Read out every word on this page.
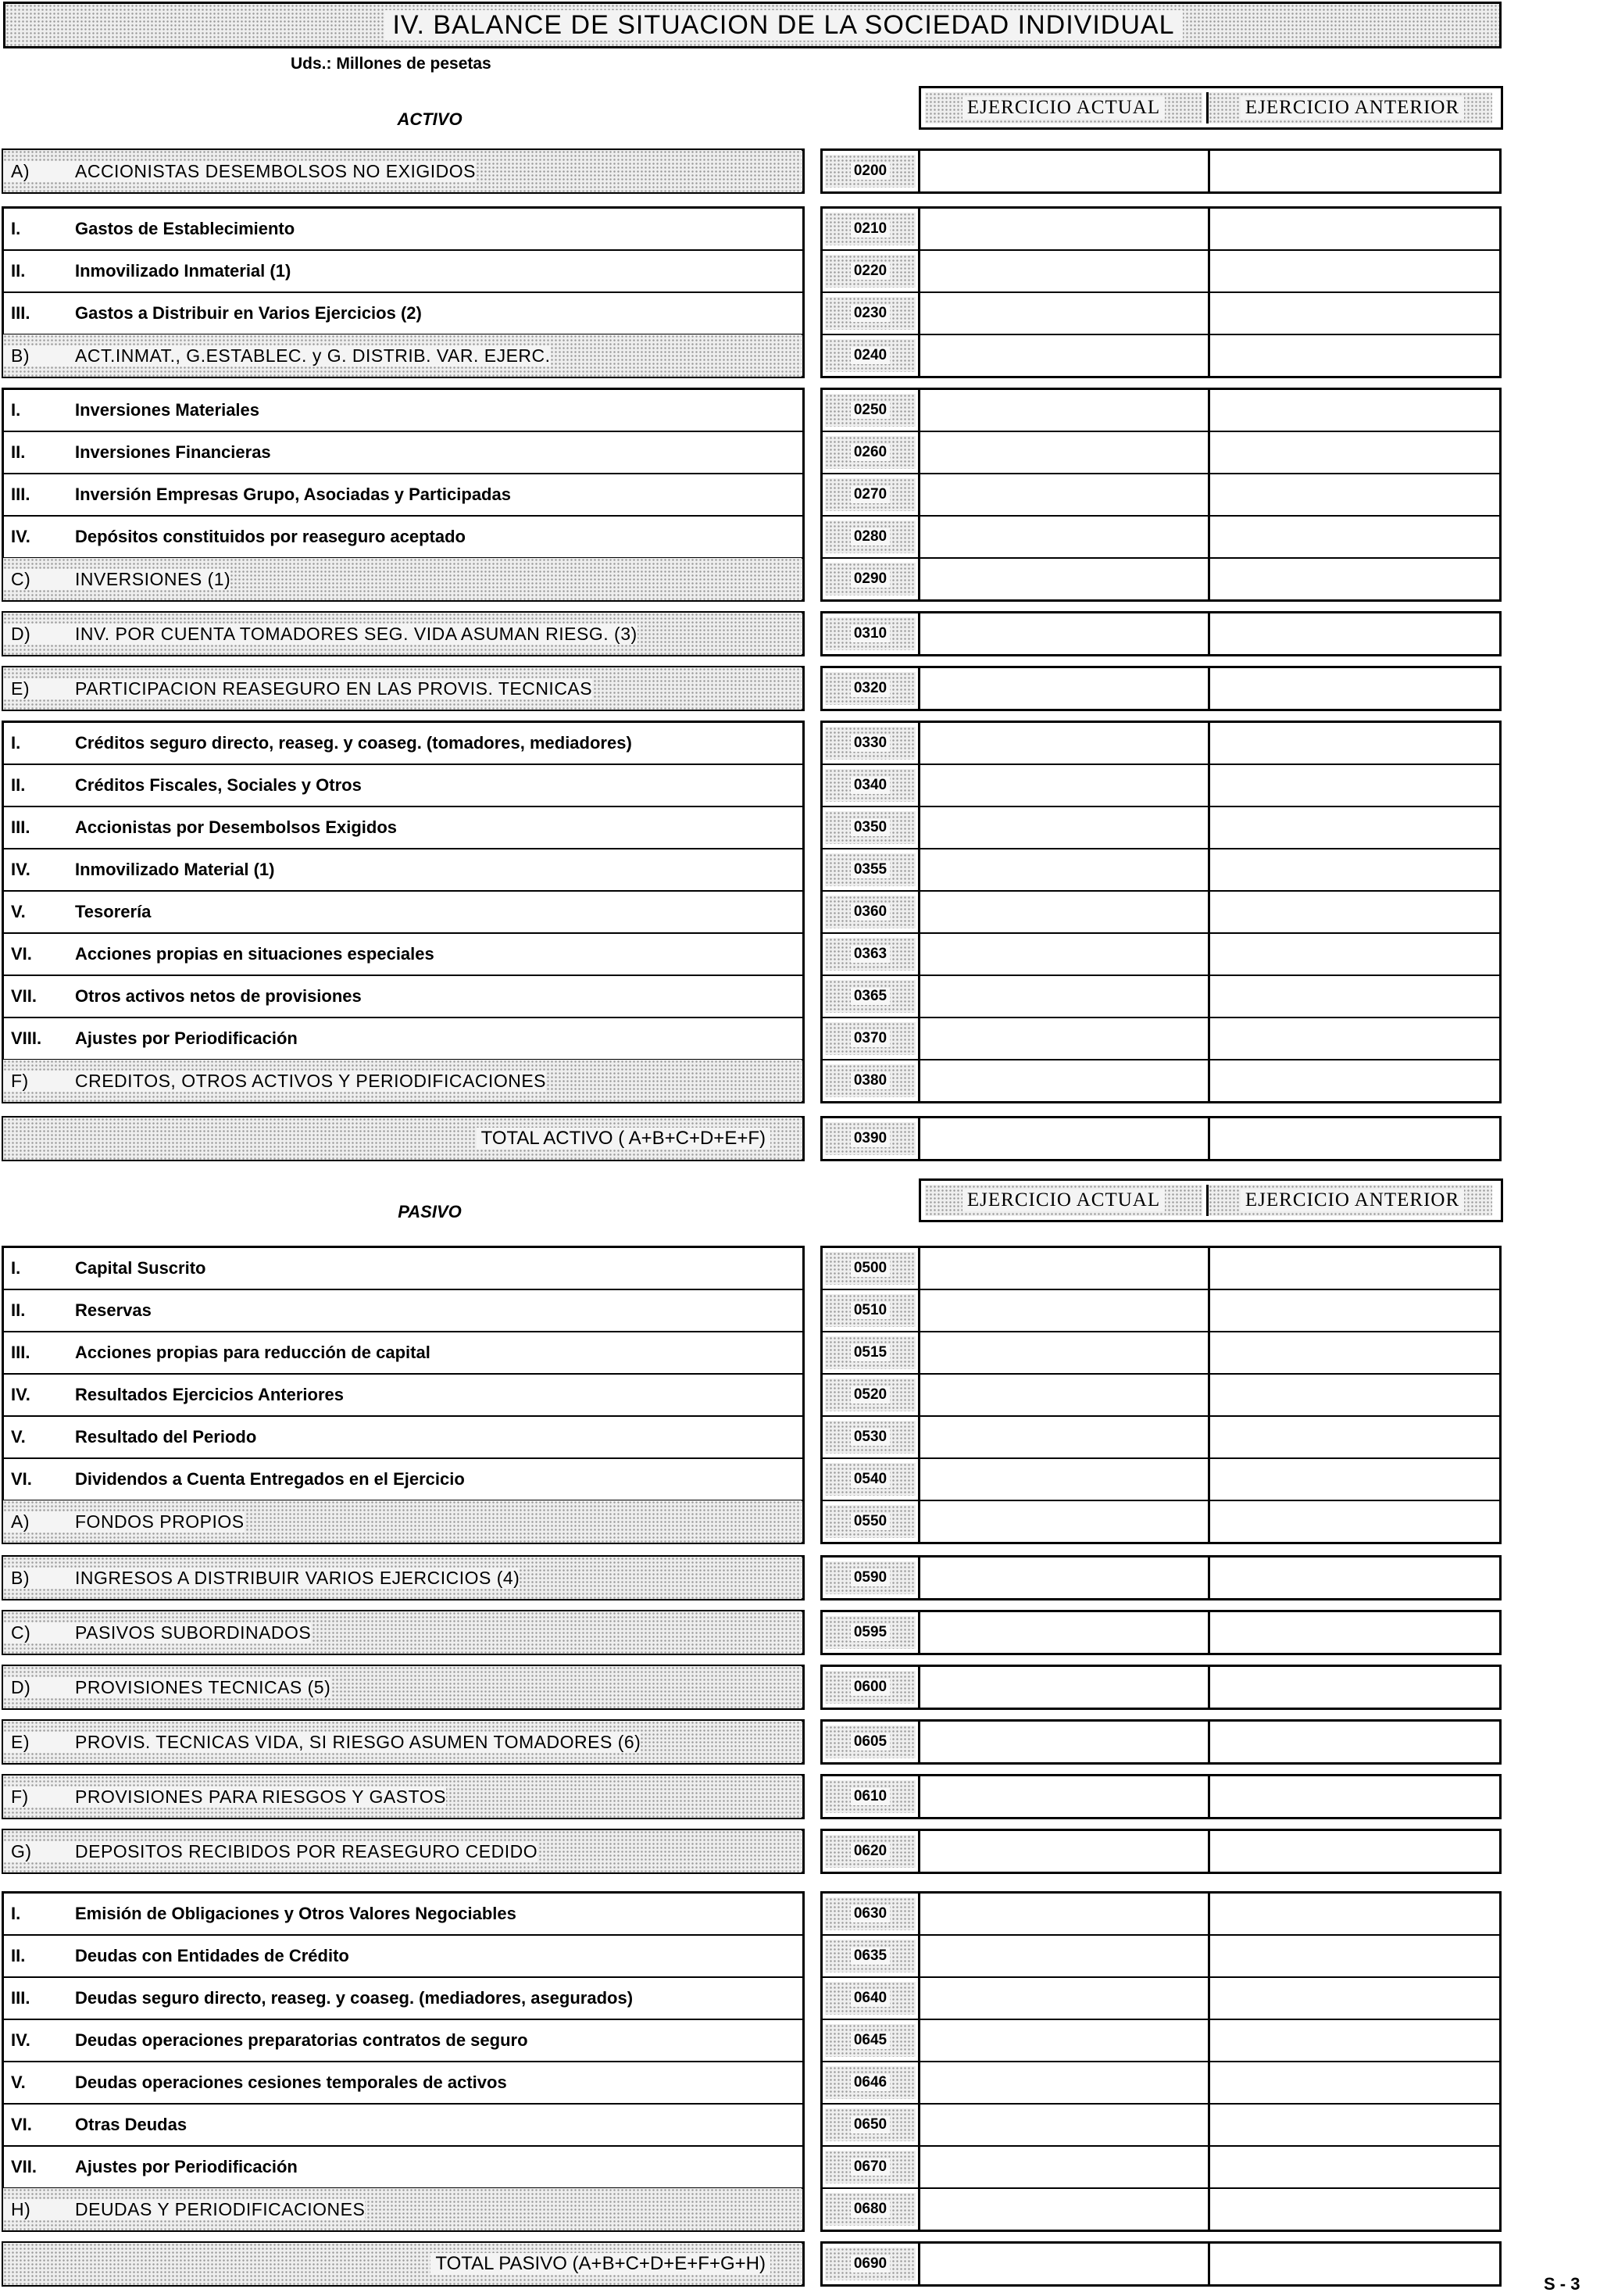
IV. BALANCE DE SITUACION DE LA SOCIEDAD INDIVIDUAL
Uds.: Millones de pesetas
ACTIVO
EJERCICIO ACTUAL	EJERCICIO ANTERIOR
A)	ACCIONISTAS DESEMBOLSOS NO EXIGIDOS	0200
I.	Gastos de Establecimiento	0210
II.	Inmovilizado Inmaterial (1)	0220
III.	Gastos a Distribuir en Varios Ejercicios (2)	0230
B)	ACT.INMAT., G.ESTABLEC. y G. DISTRIB. VAR. EJERC.	0240
I.	Inversiones Materiales	0250
II.	Inversiones Financieras	0260
III.	Inversión Empresas Grupo, Asociadas y Participadas	0270
IV.	Depósitos constituidos por reaseguro aceptado	0280
C)	INVERSIONES (1)	0290
D)	INV. POR CUENTA TOMADORES SEG. VIDA ASUMAN RIESG. (3)	0310
E)	PARTICIPACION REASEGURO EN LAS PROVIS. TECNICAS	0320
I.	Créditos seguro directo, reaseg. y coaseg. (tomadores, mediadores)	0330
II.	Créditos Fiscales, Sociales y Otros	0340
III.	Accionistas por Desembolsos Exigidos	0350
IV.	Inmovilizado Material (1)	0355
V.	Tesorería	0360
VI.	Acciones propias en situaciones especiales	0363
VII.	Otros activos netos de provisiones	0365
VIII.	Ajustes por Periodificación	0370
F)	CREDITOS, OTROS ACTIVOS Y PERIODIFICACIONES	0380
TOTAL ACTIVO ( A+B+C+D+E+F)	0390
PASIVO
EJERCICIO ACTUAL	EJERCICIO ANTERIOR
I.	Capital Suscrito	0500
II.	Reservas	0510
III.	Acciones propias para reducción de capital	0515
IV.	Resultados Ejercicios Anteriores	0520
V.	Resultado del Periodo	0530
VI.	Dividendos a Cuenta Entregados en el Ejercicio	0540
A)	FONDOS PROPIOS	0550
B)	INGRESOS A DISTRIBUIR VARIOS EJERCICIOS (4)	0590
C)	PASIVOS SUBORDINADOS	0595
D)	PROVISIONES TECNICAS (5)	0600
E)	PROVIS. TECNICAS VIDA, SI RIESGO ASUMEN TOMADORES (6)	0605
F)	PROVISIONES PARA RIESGOS Y GASTOS	0610
G)	DEPOSITOS RECIBIDOS POR REASEGURO CEDIDO	0620
I.	Emisión de Obligaciones y Otros Valores Negociables	0630
II.	Deudas con Entidades de Crédito	0635
III.	Deudas seguro directo, reaseg. y coaseg. (mediadores, asegurados)	0640
IV.	Deudas operaciones preparatorias contratos de seguro	0645
V.	Deudas operaciones cesiones temporales de activos	0646
VI.	Otras Deudas	0650
VII.	Ajustes por Periodificación	0670
H)	DEUDAS Y PERIODIFICACIONES	0680
TOTAL PASIVO (A+B+C+D+E+F+G+H)	0690
S - 3
